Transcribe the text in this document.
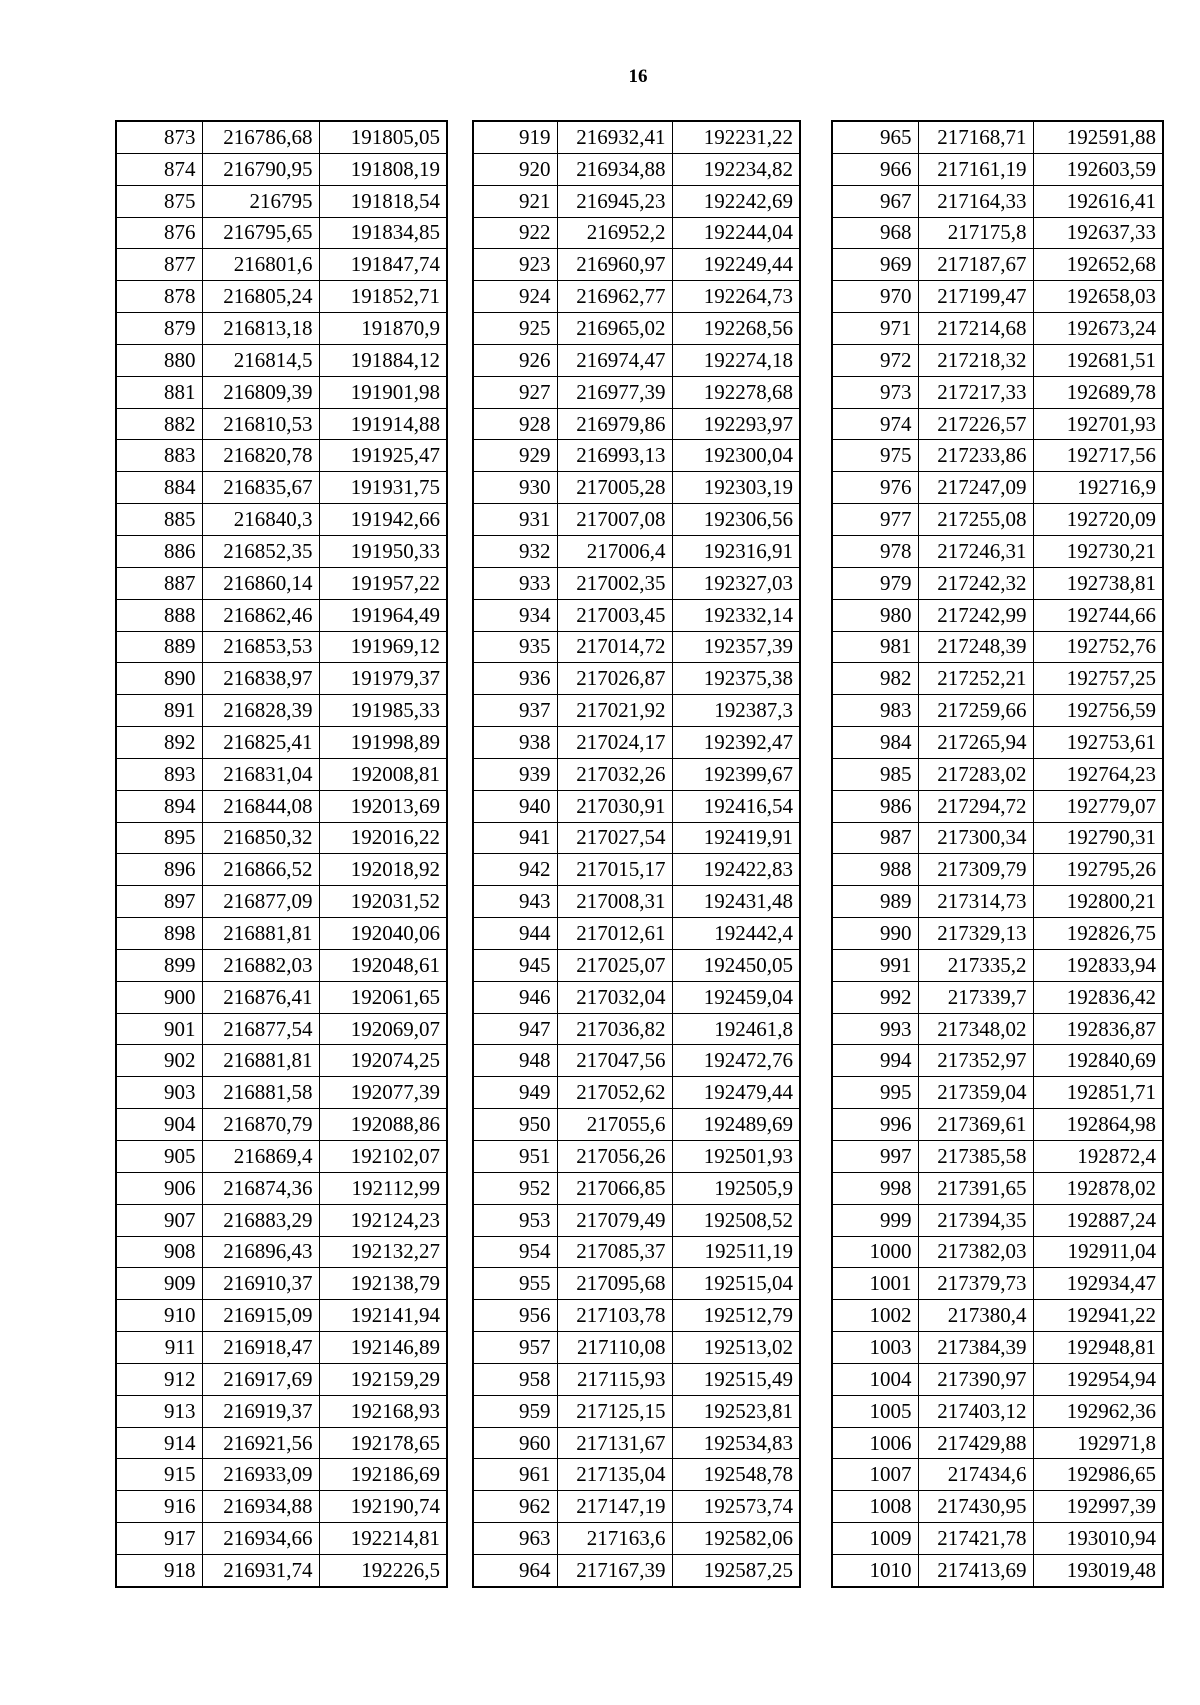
16
873	216786,68	191805,05
874	216790,95	191808,19
875	216795	191818,54
876	216795,65	191834,85
877	216801,6	191847,74
878	216805,24	191852,71
879	216813,18	191870,9
880	216814,5	191884,12
881	216809,39	191901,98
882	216810,53	191914,88
883	216820,78	191925,47
884	216835,67	191931,75
885	216840,3	191942,66
886	216852,35	191950,33
887	216860,14	191957,22
888	216862,46	191964,49
889	216853,53	191969,12
890	216838,97	191979,37
891	216828,39	191985,33
892	216825,41	191998,89
893	216831,04	192008,81
894	216844,08	192013,69
895	216850,32	192016,22
896	216866,52	192018,92
897	216877,09	192031,52
898	216881,81	192040,06
899	216882,03	192048,61
900	216876,41	192061,65
901	216877,54	192069,07
902	216881,81	192074,25
903	216881,58	192077,39
904	216870,79	192088,86
905	216869,4	192102,07
906	216874,36	192112,99
907	216883,29	192124,23
908	216896,43	192132,27
909	216910,37	192138,79
910	216915,09	192141,94
911	216918,47	192146,89
912	216917,69	192159,29
913	216919,37	192168,93
914	216921,56	192178,65
915	216933,09	192186,69
916	216934,88	192190,74
917	216934,66	192214,81
918	216931,74	192226,5
919	216932,41	192231,22
920	216934,88	192234,82
921	216945,23	192242,69
922	216952,2	192244,04
923	216960,97	192249,44
924	216962,77	192264,73
925	216965,02	192268,56
926	216974,47	192274,18
927	216977,39	192278,68
928	216979,86	192293,97
929	216993,13	192300,04
930	217005,28	192303,19
931	217007,08	192306,56
932	217006,4	192316,91
933	217002,35	192327,03
934	217003,45	192332,14
935	217014,72	192357,39
936	217026,87	192375,38
937	217021,92	192387,3
938	217024,17	192392,47
939	217032,26	192399,67
940	217030,91	192416,54
941	217027,54	192419,91
942	217015,17	192422,83
943	217008,31	192431,48
944	217012,61	192442,4
945	217025,07	192450,05
946	217032,04	192459,04
947	217036,82	192461,8
948	217047,56	192472,76
949	217052,62	192479,44
950	217055,6	192489,69
951	217056,26	192501,93
952	217066,85	192505,9
953	217079,49	192508,52
954	217085,37	192511,19
955	217095,68	192515,04
956	217103,78	192512,79
957	217110,08	192513,02
958	217115,93	192515,49
959	217125,15	192523,81
960	217131,67	192534,83
961	217135,04	192548,78
962	217147,19	192573,74
963	217163,6	192582,06
964	217167,39	192587,25
965	217168,71	192591,88
966	217161,19	192603,59
967	217164,33	192616,41
968	217175,8	192637,33
969	217187,67	192652,68
970	217199,47	192658,03
971	217214,68	192673,24
972	217218,32	192681,51
973	217217,33	192689,78
974	217226,57	192701,93
975	217233,86	192717,56
976	217247,09	192716,9
977	217255,08	192720,09
978	217246,31	192730,21
979	217242,32	192738,81
980	217242,99	192744,66
981	217248,39	192752,76
982	217252,21	192757,25
983	217259,66	192756,59
984	217265,94	192753,61
985	217283,02	192764,23
986	217294,72	192779,07
987	217300,34	192790,31
988	217309,79	192795,26
989	217314,73	192800,21
990	217329,13	192826,75
991	217335,2	192833,94
992	217339,7	192836,42
993	217348,02	192836,87
994	217352,97	192840,69
995	217359,04	192851,71
996	217369,61	192864,98
997	217385,58	192872,4
998	217391,65	192878,02
999	217394,35	192887,24
1000	217382,03	192911,04
1001	217379,73	192934,47
1002	217380,4	192941,22
1003	217384,39	192948,81
1004	217390,97	192954,94
1005	217403,12	192962,36
1006	217429,88	192971,8
1007	217434,6	192986,65
1008	217430,95	192997,39
1009	217421,78	193010,94
1010	217413,69	193019,48
